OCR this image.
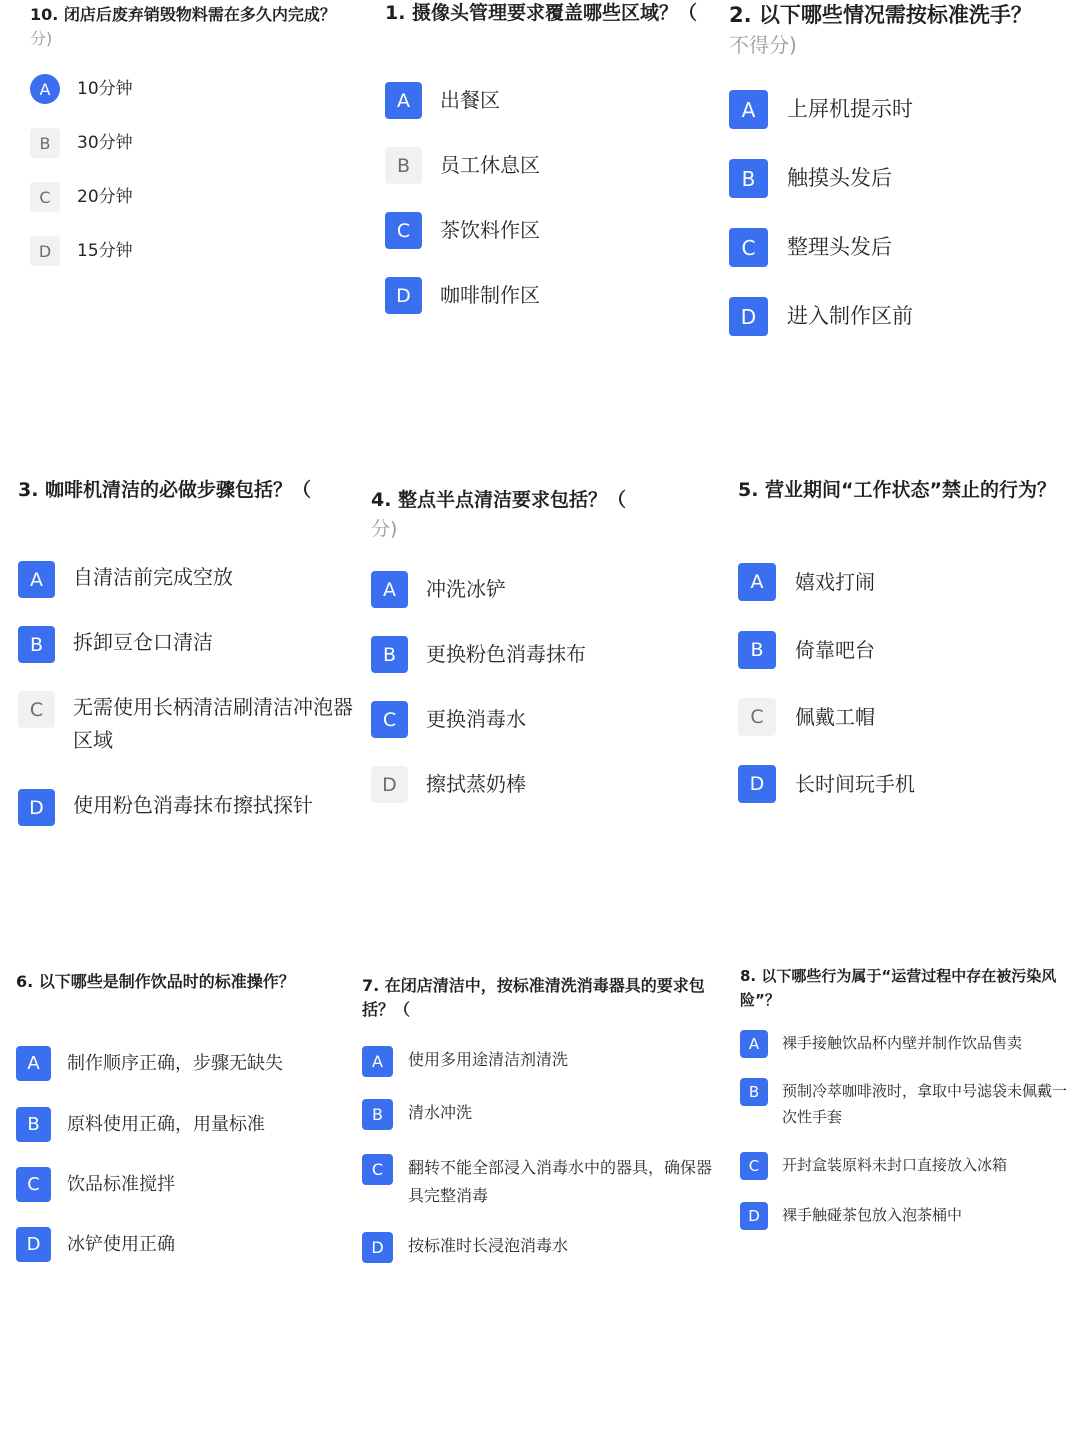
10. 闭店后废弃销毁物料需在多久内完成？
分)
A	10分钟
B	30分钟
C	20分钟
D	15分钟
1. 摄像头管理要求覆盖哪些区域？（
A	出餐区
B	员工休息区
C	茶饮料作区
D	咖啡制作区
2. 以下哪些情况需按标准洗手？
不得分)
A	上屏机提示时
B	触摸头发后
C	整理头发后
D	进入制作区前
3. 咖啡机清洁的必做步骤包括？（
A	自清洁前完成空放
B	拆卸豆仓口清洁
C	无需使用长柄清洁刷清洁冲泡器区域
D	使用粉色消毒抹布擦拭探针
4. 整点半点清洁要求包括？（
分)
A	冲洗冰铲
B	更换粉色消毒抹布
C	更换消毒水
D	擦拭蒸奶棒
5. 营业期间“工作状态”禁止的行为？
A	嬉戏打闹
B	倚靠吧台
C	佩戴工帽
D	长时间玩手机
6. 以下哪些是制作饮品时的标准操作？
A	制作顺序正确，步骤无缺失
B	原料使用正确，用量标准
C	饮品标准搅拌
D	冰铲使用正确
7. 在闭店清洁中，按标准清洗消毒器具的要求包括？（
A	使用多用途清洁剂清洗
B	清水冲洗
C	翻转不能全部浸入消毒水中的器具，确保器具完整消毒
D	按标准时长浸泡消毒水
8. 以下哪些行为属于“运营过程中存在被污染风险”？
A	裸手接触饮品杯内壁并制作饮品售卖
B	预制冷萃咖啡液时，拿取中号滤袋未佩戴一次性手套
C	开封盒装原料未封口直接放入冰箱
D	裸手触碰茶包放入泡茶桶中
